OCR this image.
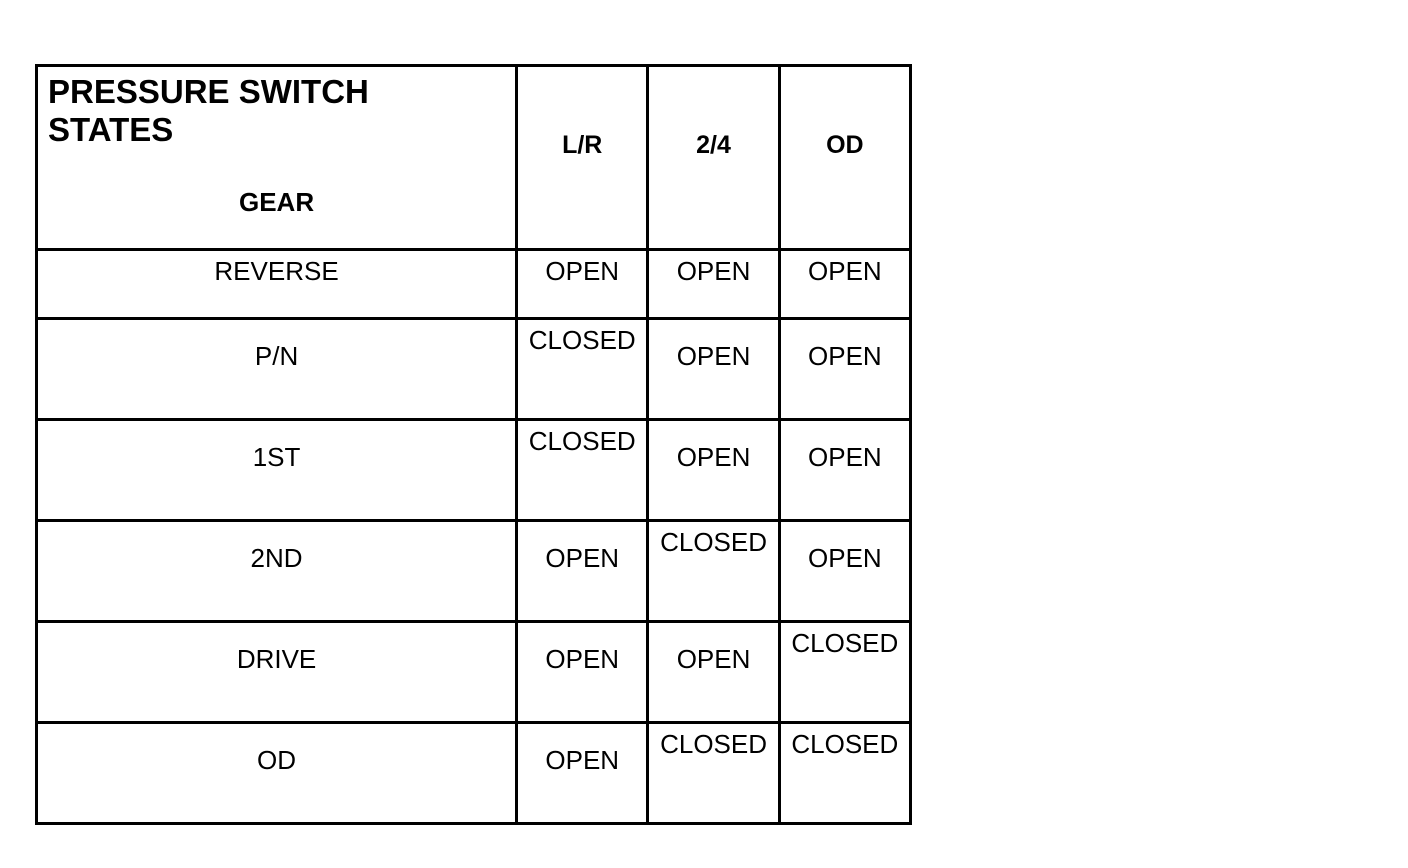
PRESSURE SWITCH STATES
GEAR	L/R	2/4	OD

REVERSE	OPEN	OPEN	OPEN

P/N	CLOSED	OPEN	OPEN

1ST	CLOSED	OPEN	OPEN

2ND	OPEN	CLOSED	OPEN

DRIVE	OPEN	OPEN	CLOSED

OD	OPEN	CLOSED	CLOSED
